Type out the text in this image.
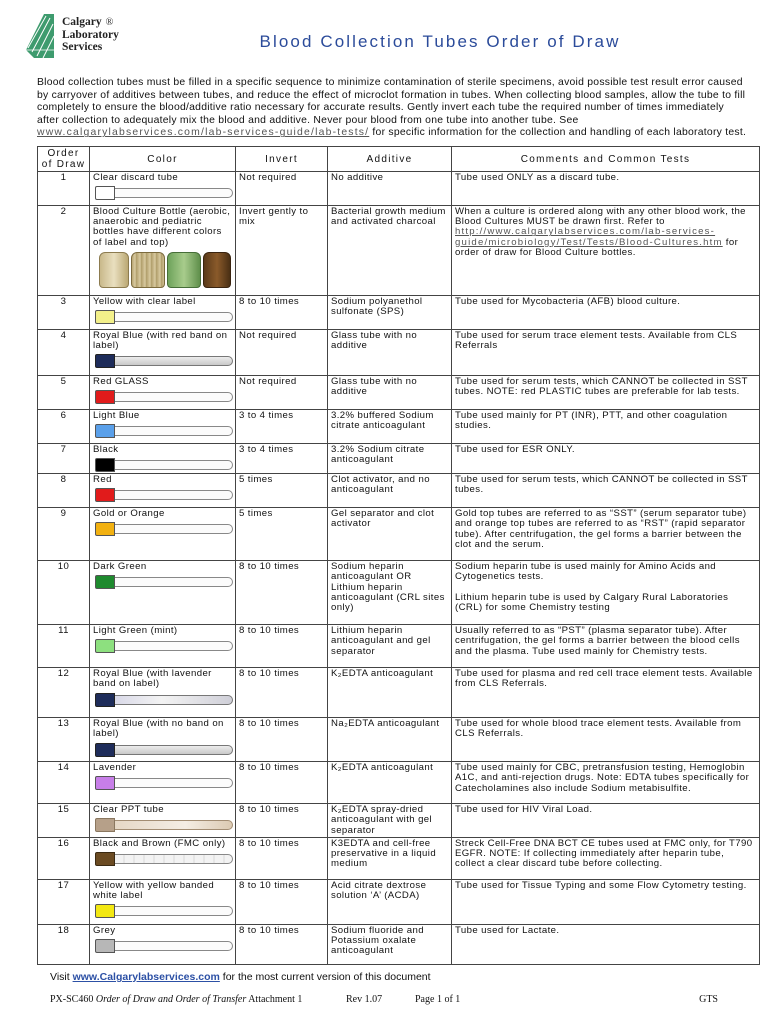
Calgary ®
Laboratory
Services	Blood Collection Tubes Order of Draw
Blood collection tubes must be filled in a specific sequence to minimize contamination of sterile specimens, avoid possible test result error caused by carryover of additives between tubes, and reduce the effect of microclot formation in tubes. When collecting blood samples, allow the tube to fill completely to ensure the blood/additive ratio necessary for accurate results. Gently invert each tube the required number of times immediately after collection to adequately mix the blood and additive. Never pour blood from one tube into another tube. See www.calgarylabservices.com/lab-services-guide/lab-tests/ for specific information for the collection and handling of each laboratory test.
Order of Draw	Color	Invert	Additive	Comments and Common Tests
1	Clear discard tube	Not required	No additive	Tube used ONLY as a discard tube.
2	Blood Culture Bottle (aerobic, anaerobic and pediatric bottles have different colors of label and top)	Invert gently to mix	Bacterial growth medium and activated charcoal	When a culture is ordered along with any other blood work, the Blood Cultures MUST be drawn first. Refer to http://www.calgarylabservices.com/lab-services-guide/microbiology/Test/Tests/Blood-Cultures.htm for order of draw for Blood Culture bottles.
3	Yellow with clear label	8 to 10 times	Sodium polyanethol sulfonate (SPS)	Tube used for Mycobacteria (AFB) blood culture.
4	Royal Blue (with red band on label)	Not required	Glass tube with no additive	Tube used for serum trace element tests. Available from CLS Referrals
5	Red GLASS	Not required	Glass tube with no additive	Tube used for serum tests, which CANNOT be collected in SST tubes. NOTE: red PLASTIC tubes are preferable for lab tests.
6	Light Blue	3 to 4 times	3.2% buffered Sodium citrate anticoagulant	Tube used mainly for PT (INR), PTT, and other coagulation studies.
7	Black	3 to 4 times	3.2% Sodium citrate anticoagulant	Tube used for ESR ONLY.
8	Red	5 times	Clot activator, and no anticoagulant	Tube used for serum tests, which CANNOT be collected in SST tubes.
9	Gold or Orange	5 times	Gel separator and clot activator	Gold top tubes are referred to as “SST” (serum separator tube) and orange top tubes are referred to as “RST” (rapid separator tube). After centrifugation, the gel forms a barrier between the clot and the serum.
10	Dark Green	8 to 10 times	Sodium heparin anticoagulant OR Lithium heparin anticoagulant (CRL sites only)	Sodium heparin tube is used mainly for Amino Acids and Cytogenetics tests.
Lithium heparin tube is used by Calgary Rural Laboratories (CRL) for some Chemistry testing

11	Light Green (mint)	8 to 10 times	Lithium heparin anticoagulant and gel separator	Usually referred to as “PST” (plasma separator tube). After centrifugation, the gel forms a barrier between the blood cells and the plasma. Tube used mainly for Chemistry tests.
12	Royal Blue (with lavender band on label)	8 to 10 times	K₂EDTA anticoagulant	Tube used for plasma and red cell trace element tests. Available from CLS Referrals.
13	Royal Blue (with no band on label)	8 to 10 times	Na₂EDTA anticoagulant	Tube used for whole blood trace element tests. Available from CLS Referrals.
14	Lavender	8 to 10 times	K₂EDTA anticoagulant	Tube used mainly for CBC, pretransfusion testing, Hemoglobin A1C, and anti-rejection drugs. Note: EDTA tubes specifically for Catecholamines also include Sodium metabisulfite.
15	Clear PPT tube	8 to 10 times	K₂EDTA spray-dried anticoagulant with gel separator	Tube used for HIV Viral Load.
16	Black and Brown (FMC only)	8 to 10 times	K3EDTA and cell-free preservative in a liquid medium	Streck Cell-Free DNA BCT CE tubes used at FMC only, for T790 EGFR. NOTE: If collecting immediately after heparin tube, collect a clear discard tube before collecting.
17	Yellow with yellow banded white label	8 to 10 times	Acid citrate dextrose solution ‘A’ (ACDA)	Tube used for Tissue Typing and some Flow Cytometry testing.
18	Grey	8 to 10 times	Sodium fluoride and Potassium oxalate anticoagulant	Tube used for Lactate.
Visit www.Calgarylabservices.com for the most current version of this document
PX-SC460 Order of Draw and Order of Transfer Attachment 1	Rev 1.07	Page 1 of 1	GTS
